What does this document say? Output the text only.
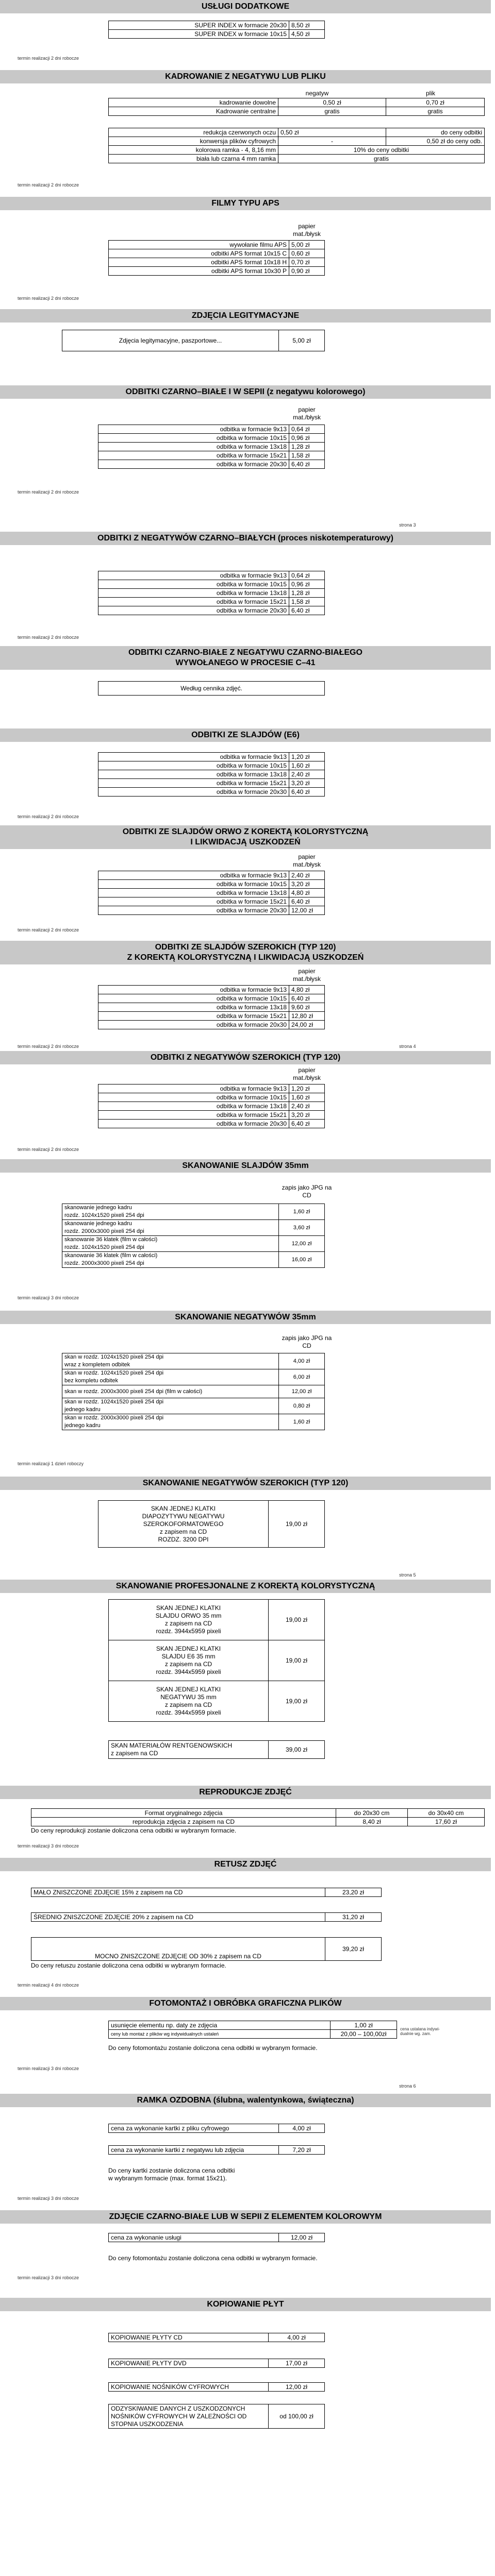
USŁUGI DODATKOWE
SUPER INDEX w formacie 20x30	8,50 zł
SUPER INDEX w formacie 10x15	4,50 zł
termin realizacji 2 dni robocze
KADROWANIE Z NEGATYWU LUB PLIKU
negatyw	plik
kadrowanie dowolne	0,50 zł	0,70 zł
Kadrowanie centralne	gratis	gratis
redukcja czerwonych oczu	0,50 zł	do ceny odbitki
konwersja plików cyfrowych	-	0,50 zł do ceny odb.
kolorowa ramka - 4, 8,16 mm	10% do ceny odbitki	
biała lub czarna 4 mm ramka	gratis	
termin realizacji 2 dni robocze
FILMY TYPU APS
papier
mat./błysk
wywołanie filmu APS	5,00 zł
odbitki APS format 10x15 C	0,60 zł
odbitki APS format 10x18 H	0,70 zł
odbitki APS format 10x30 P	0,90 zł
termin realizacji 2 dni robocze
ZDJĘCIA LEGITYMACYJNE
Zdjęcia legitymacyjne, paszportowe...	5,00 zł
ODBITKI CZARNO–BIAŁE I W SEPII (z negatywu kolorowego)
papier
mat./błysk
odbitka w formacie 9x13	0,64 zł
odbitka w formacie 10x15	0,96 zł
odbitka w formacie 13x18	1,28 zł
odbitka w formacie 15x21	1,58 zł
odbitka w formacie 20x30	6,40 zł
termin realizacji 2 dni robocze
strona 3
ODBITKI Z NEGATYWÓW CZARNO–BIAŁYCH (proces niskotemperaturowy)
odbitka w formacie 9x13	0,64 zł
odbitka w formacie 10x15	0,96 zł
odbitka w formacie 13x18	1,28 zł
odbitka w formacie 15x21	1,58 zł
odbitka w formacie 20x30	6,40 zł
termin realizacji 2 dni robocze
ODBITKI CZARNO-BIAŁE Z NEGATYWU CZARNO-BIAŁEGO
WYWOŁANEGO W PROCESIE C–41
Według cennika zdjęć.
ODBITKI ZE SLAJDÓW (E6)
odbitka w formacie 9x13	1,20 zł
odbitka w formacie 10x15	1,60 zł
odbitka w formacie 13x18	2,40 zł
odbitka w formacie 15x21	3,20 zł
odbitka w formacie 20x30	6,40 zł
termin realizacji 2 dni robocze
ODBITKI ZE SLAJDÓW ORWO Z KOREKTĄ KOLORYSTYCZNĄ
I LIKWIDACJĄ USZKODZEŃ
papier
mat./błysk
odbitka w formacie 9x13	2,40 zł
odbitka w formacie 10x15	3,20 zł
odbitka w formacie 13x18	4,80 zł
odbitka w formacie 15x21	6,40 zł
odbitka w formacie 20x30	12,00 zł
termin realizacji 2 dni robocze
ODBITKI ZE SLAJDÓW SZEROKICH (TYP 120)
Z KOREKTĄ KOLORYSTYCZNĄ I LIKWIDACJĄ USZKODZEŃ
papier
mat./błysk
odbitka w formacie 9x13	4,80 zł
odbitka w formacie 10x15	6,40 zł
odbitka w formacie 13x18	9,60 zł
odbitka w formacie 15x21	12,80 zł
odbitka w formacie 20x30	24,00 zł
termin realizacji 2 dni robocze	strona 4
ODBITKI Z NEGATYWÓW SZEROKICH (TYP 120)
papier
mat./błysk
odbitka w formacie 9x13	1,20 zł
odbitka w formacie 10x15	1,60 zł
odbitka w formacie 13x18	2,40 zł
odbitka w formacie 15x21	3,20 zł
odbitka w formacie 20x30	6,40 zł
termin realizacji 2 dni robocze
SKANOWANIE SLAJDÓW 35mm
zapis jako JPG na
CD
skanowanie jednego kadru
rozdz. 1024x1520 pixeli 254 dpi	1,60 zł
skanowanie jednego kadru
rozdz. 2000x3000 pixeli 254 dpi	3,60 zł
skanowanie 36 klatek (film w całości)
rozdz. 1024x1520 pixeli 254 dpi	12,00 zł
skanowanie 36 klatek (film w całości)
rozdz. 2000x3000 pixeli 254 dpi	16,00 zł
termin realizacji 3 dni robocze
SKANOWANIE NEGATYWÓW 35mm
zapis jako JPG na
CD
skan w rozdz. 1024x1520 pixeli 254 dpi
wraz z kompletem odbitek	4,00 zł
skan w rozdz. 1024x1520 pixeli 254 dpi
bez kompletu odbitek	6,00 zł
skan w rozdz. 2000x3000 pixeli 254 dpi (film w całości)	12,00 zł
skan w rozdz. 1024x1520 pixeli 254 dpi
jednego kadru	0,80 zł
skan w rozdz. 2000x3000 pixeli 254 dpi
jednego kadru	1,60 zł
termin realizacji 1 dzień roboczy
SKANOWANIE NEGATYWÓW SZEROKICH (TYP 120)
SKAN JEDNEJ KLATKI
DIAPOZYTYWU NEGATYWU
SZEROKOFORMATOWEGO
z zapisem na CD
ROZDZ. 3200 DPI	19,00 zł
strona 5
SKANOWANIE PROFESJONALNE Z KOREKTĄ KOLORYSTYCZNĄ
SKAN JEDNEJ KLATKI
SLAJDU ORWO 35 mm
z zapisem na CD
rozdz. 3944x5959 pixeli	19,00 zł
SKAN JEDNEJ KLATKI
SLAJDU E6 35 mm
z zapisem na CD
rozdz. 3944x5959 pixeli	19,00 zł
SKAN JEDNEJ KLATKI
NEGATYWU 35 mm
z zapisem na CD
rozdz. 3944x5959 pixeli	19,00 zł
SKAN MATERIAŁÓW RENTGENOWSKICH
z zapisem na CD	39,00 zł
REPRODUKCJE ZDJĘĆ
Format oryginalnego zdjęcia	do 20x30 cm	do 30x40 cm
reprodukcja zdjęcia z zapisem na CD	8,40 zł	17,60 zł
Do ceny reprodukcji zostanie doliczona cena odbitki w wybranym formacie.
termin realizacji 3 dni robocze
RETUSZ ZDJĘĆ
MAŁO ZNISZCZONE ZDJĘCIE 15% z zapisem na CD	23,20 zł
ŚREDNIO ZNISZCZONE ZDJĘCIE 20% z zapisem na CD	31,20 zł
MOCNO ZNISZCZONE ZDJĘCIE OD 30% z zapisem na CD	39,20 zł
Do ceny retuszu zostanie doliczona cena odbitki w wybranym formacie.
termin realizacji 4 dni robocze
FOTOMONTAŻ I OBRÓBKA GRAFICZNA PLIKÓW
usunięcie elementu np. daty ze zdjęcia	1,00 zł
ceny lub montaż z plików wg indywidualnych ustaleń	20,00 – 100,00zł
cena ustalana indywi-
dualnie wg. zam.
Do ceny fotomontażu zostanie doliczona cena odbitki w wybranym formacie.
termin realizacji 3 dni robocze
strona 6
RAMKA OZDOBNA (ślubna, walentynkowa, świąteczna)
cena za wykonanie kartki z pliku cyfrowego	4,00 zł
cena za wykonanie kartki z negatywu lub zdjęcia	7,20 zł
Do ceny kartki zostanie doliczona cena odbitki
w wybranym formacie (max. format 15x21).
termin realizacji 3 dni robocze
ZDJĘCIE CZARNO-BIAŁE LUB W SEPII Z ELEMENTEM KOLOROWYM
cena za wykonanie usługi	12,00 zł
Do ceny fotomontażu zostanie doliczona cena odbitki w wybranym formacie.
termin realizacji 3 dni robocze
KOPIOWANIE PŁYT
KOPIOWANIE PŁYTY CD	4,00 zł
KOPIOWANIE PŁYTY DVD	17,00 zł
KOPIOWANIE NOŚNIKÓW CYFROWYCH	12,00 zł
ODZYSKIWANIE DANYCH Z USZKODZONYCH
NOŚNIKÓW CYFROWYCH W ZALEŻNOŚCI OD
STOPNIA USZKODZENIA	od 100,00 zł
